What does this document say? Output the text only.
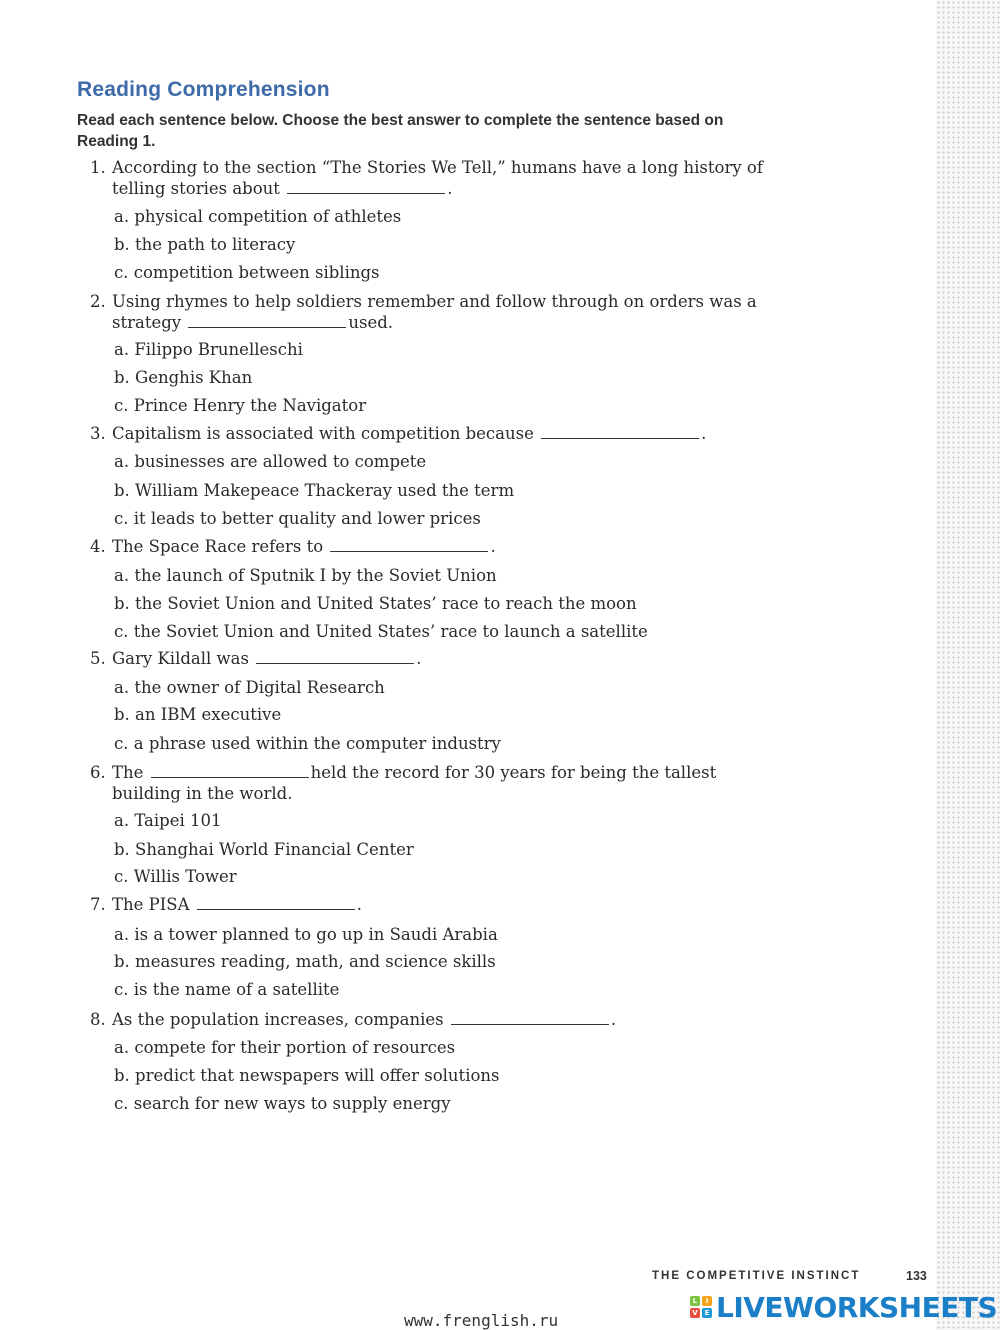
Reading Comprehension

Read each sentence below. Choose the best answer to complete the sentence based on Reading 1.

1. According to the section “The Stories We Tell,” humans have a long history of
telling stories about	.

a. physical competition of athletes

b. the path to literacy

c. competition between siblings

2. Using rhymes to help soldiers remember and follow through on orders was a
strategy	used.

a. Filippo Brunelleschi

b. Genghis Khan

c. Prince Henry the Navigator

3. Capitalism is associated with competition because	.

a. businesses are allowed to compete

b. William Makepeace Thackeray used the term

c. it leads to better quality and lower prices

4. The Space Race refers to	.

a. the launch of Sputnik I by the Soviet Union

b. the Soviet Union and United States’ race to reach the moon

c. the Soviet Union and United States’ race to launch a satellite

5. Gary Kildall was	.

a. the owner of Digital Research

b. an IBM executive

c. a phrase used within the computer industry

6. The	held the record for 30 years for being the tallest
building in the world.

a. Taipei 101

b. Shanghai World Financial Center

c. Willis Tower

7. The PISA	.

a. is a tower planned to go up in Saudi Arabia

b. measures reading, math, and science skills

c. is the name of a satellite

8. As the population increases, companies	.

a. compete for their portion of resources

b. predict that newspapers will offer solutions

c. search for new ways to supply energy

THE COMPETITIVE INSTINCT	133

www.frenglish.ru

L	I
V E LIVEWORKSHEETS
